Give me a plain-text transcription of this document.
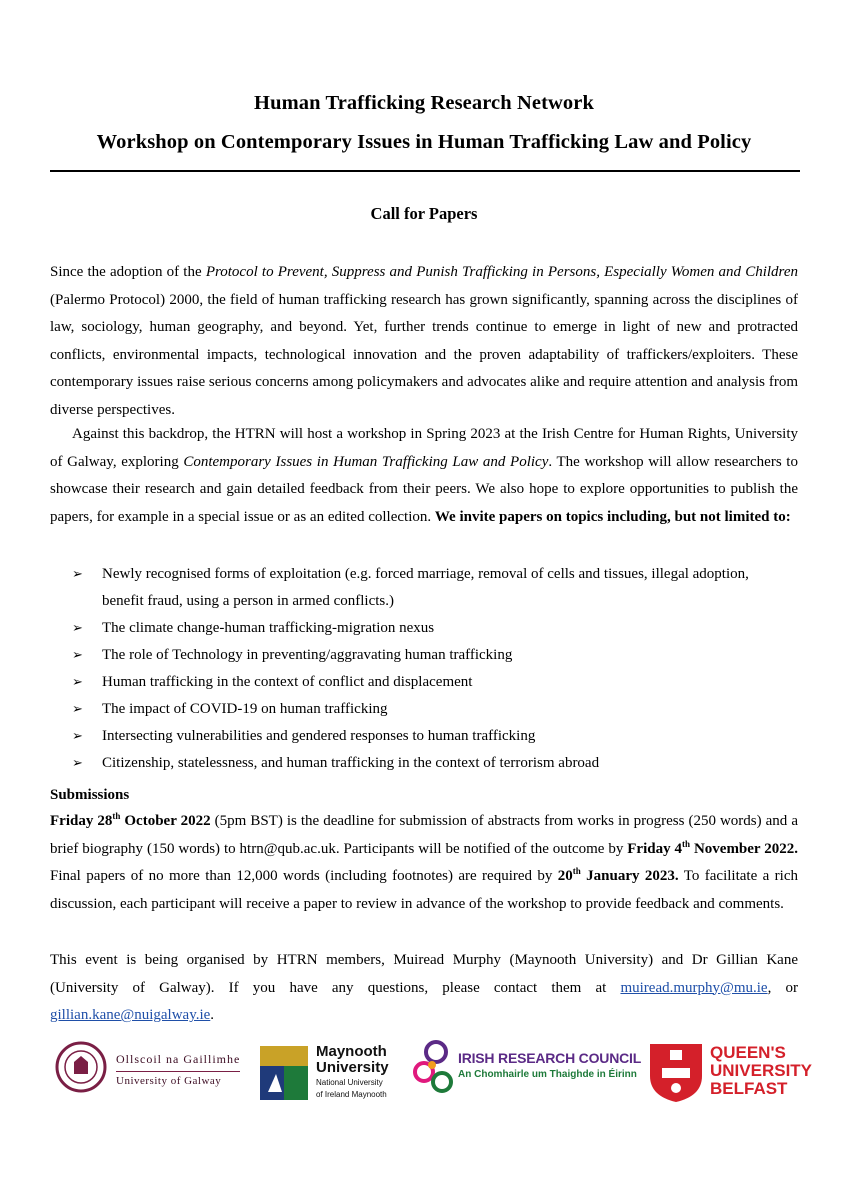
Human Trafficking Research Network
Workshop on Contemporary Issues in Human Trafficking Law and Policy
Call for Papers

Since the adoption of the Protocol to Prevent, Suppress and Punish Trafficking in Persons, Especially Women and Children (Palermo Protocol) 2000, the field of human trafficking research has grown significantly, spanning across the disciplines of law, sociology, human geography, and beyond. Yet, further trends continue to emerge in light of new and protracted conflicts, environmental impacts, technological innovation and the proven adaptability of traffickers/exploiters. These contemporary issues raise serious concerns among policymakers and advocates alike and require attention and analysis from diverse perspectives.

Against this backdrop, the HTRN will host a workshop in Spring 2023 at the Irish Centre for Human Rights, University of Galway, exploring Contemporary Issues in Human Trafficking Law and Policy. The workshop will allow researchers to showcase their research and gain detailed feedback from their peers. We also hope to explore opportunities to publish the papers, for example in a special issue or as an edited collection. We invite papers on topics including, but not limited to:

➢ Newly recognised forms of exploitation (e.g. forced marriage, removal of cells and tissues, illegal adoption, benefit fraud, using a person in armed conflicts.)
➢ The climate change-human trafficking-migration nexus
➢ The role of Technology in preventing/aggravating human trafficking
➢ Human trafficking in the context of conflict and displacement
➢ The impact of COVID-19 on human trafficking
➢ Intersecting vulnerabilities and gendered responses to human trafficking
➢ Citizenship, statelessness, and human trafficking in the context of terrorism abroad
Submissions

Friday 28th October 2022 (5pm BST) is the deadline for submission of abstracts from works in progress (250 words) and a brief biography (150 words) to htrn@qub.ac.uk. Participants will be notified of the outcome by Friday 4th November 2022. Final papers of no more than 12,000 words (including footnotes) are required by 20th January 2023. To facilitate a rich discussion, each participant will receive a paper to review in advance of the workshop to provide feedback and comments.

This event is being organised by HTRN members, Muiread Murphy (Maynooth University) and Dr Gillian Kane (University of Galway). If you have any questions, please contact them at muiread.murphy@mu.ie, or gillian.kane@nuigalway.ie.

Ollscoil na Gaillimhe
University of Galway
Maynooth
University
National University
of Ireland Maynooth
IRISH RESEARCH COUNCIL
An Chomhairle um Thaighde in Éirinn
QUEEN'S
UNIVERSITY
BELFAST
